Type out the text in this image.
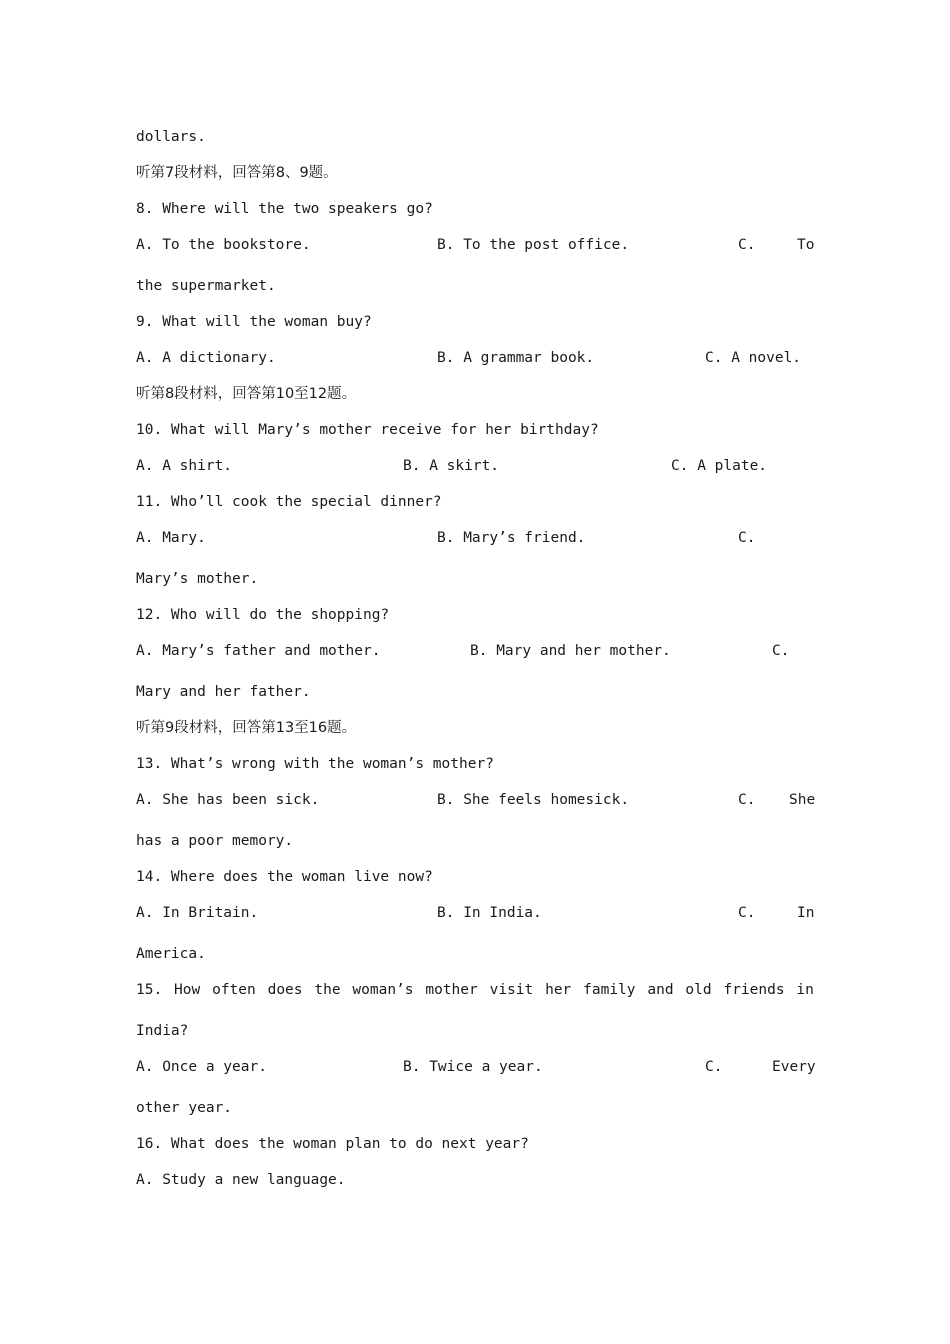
dollars.
听第7段材料，回答第8、9题。
8. Where will the two speakers go?
A. To the bookstore.	B. To the post office.	C.	To
the supermarket.
9. What will the woman buy?
A. A dictionary.	B. A grammar book.	C. A novel.
听第8段材料，回答第10至12题。
10. What will Mary’s mother receive for her birthday?
A. A shirt.	B. A skirt.	C. A plate.
11. Who’ll cook the special dinner?
A. Mary.	B. Mary’s friend.	C.
Mary’s mother.
12. Who will do the shopping?
A. Mary’s father and mother.	B. Mary and her mother.	C.
Mary and her father.
听第9段材料，回答第13至16题。
13. What’s wrong with the woman’s mother?
A. She has been sick.	B. She feels homesick.	C. She
has a poor memory.
14. Where does the woman live now?
A. In Britain.	B. In India.	C.	In
America.
15. How often does the woman’s mother visit her family and old friends in
India?
A. Once a year.	B. Twice a year.	C.	Every
other year.
16. What does the woman plan to do next year?
A. Study a new language.
